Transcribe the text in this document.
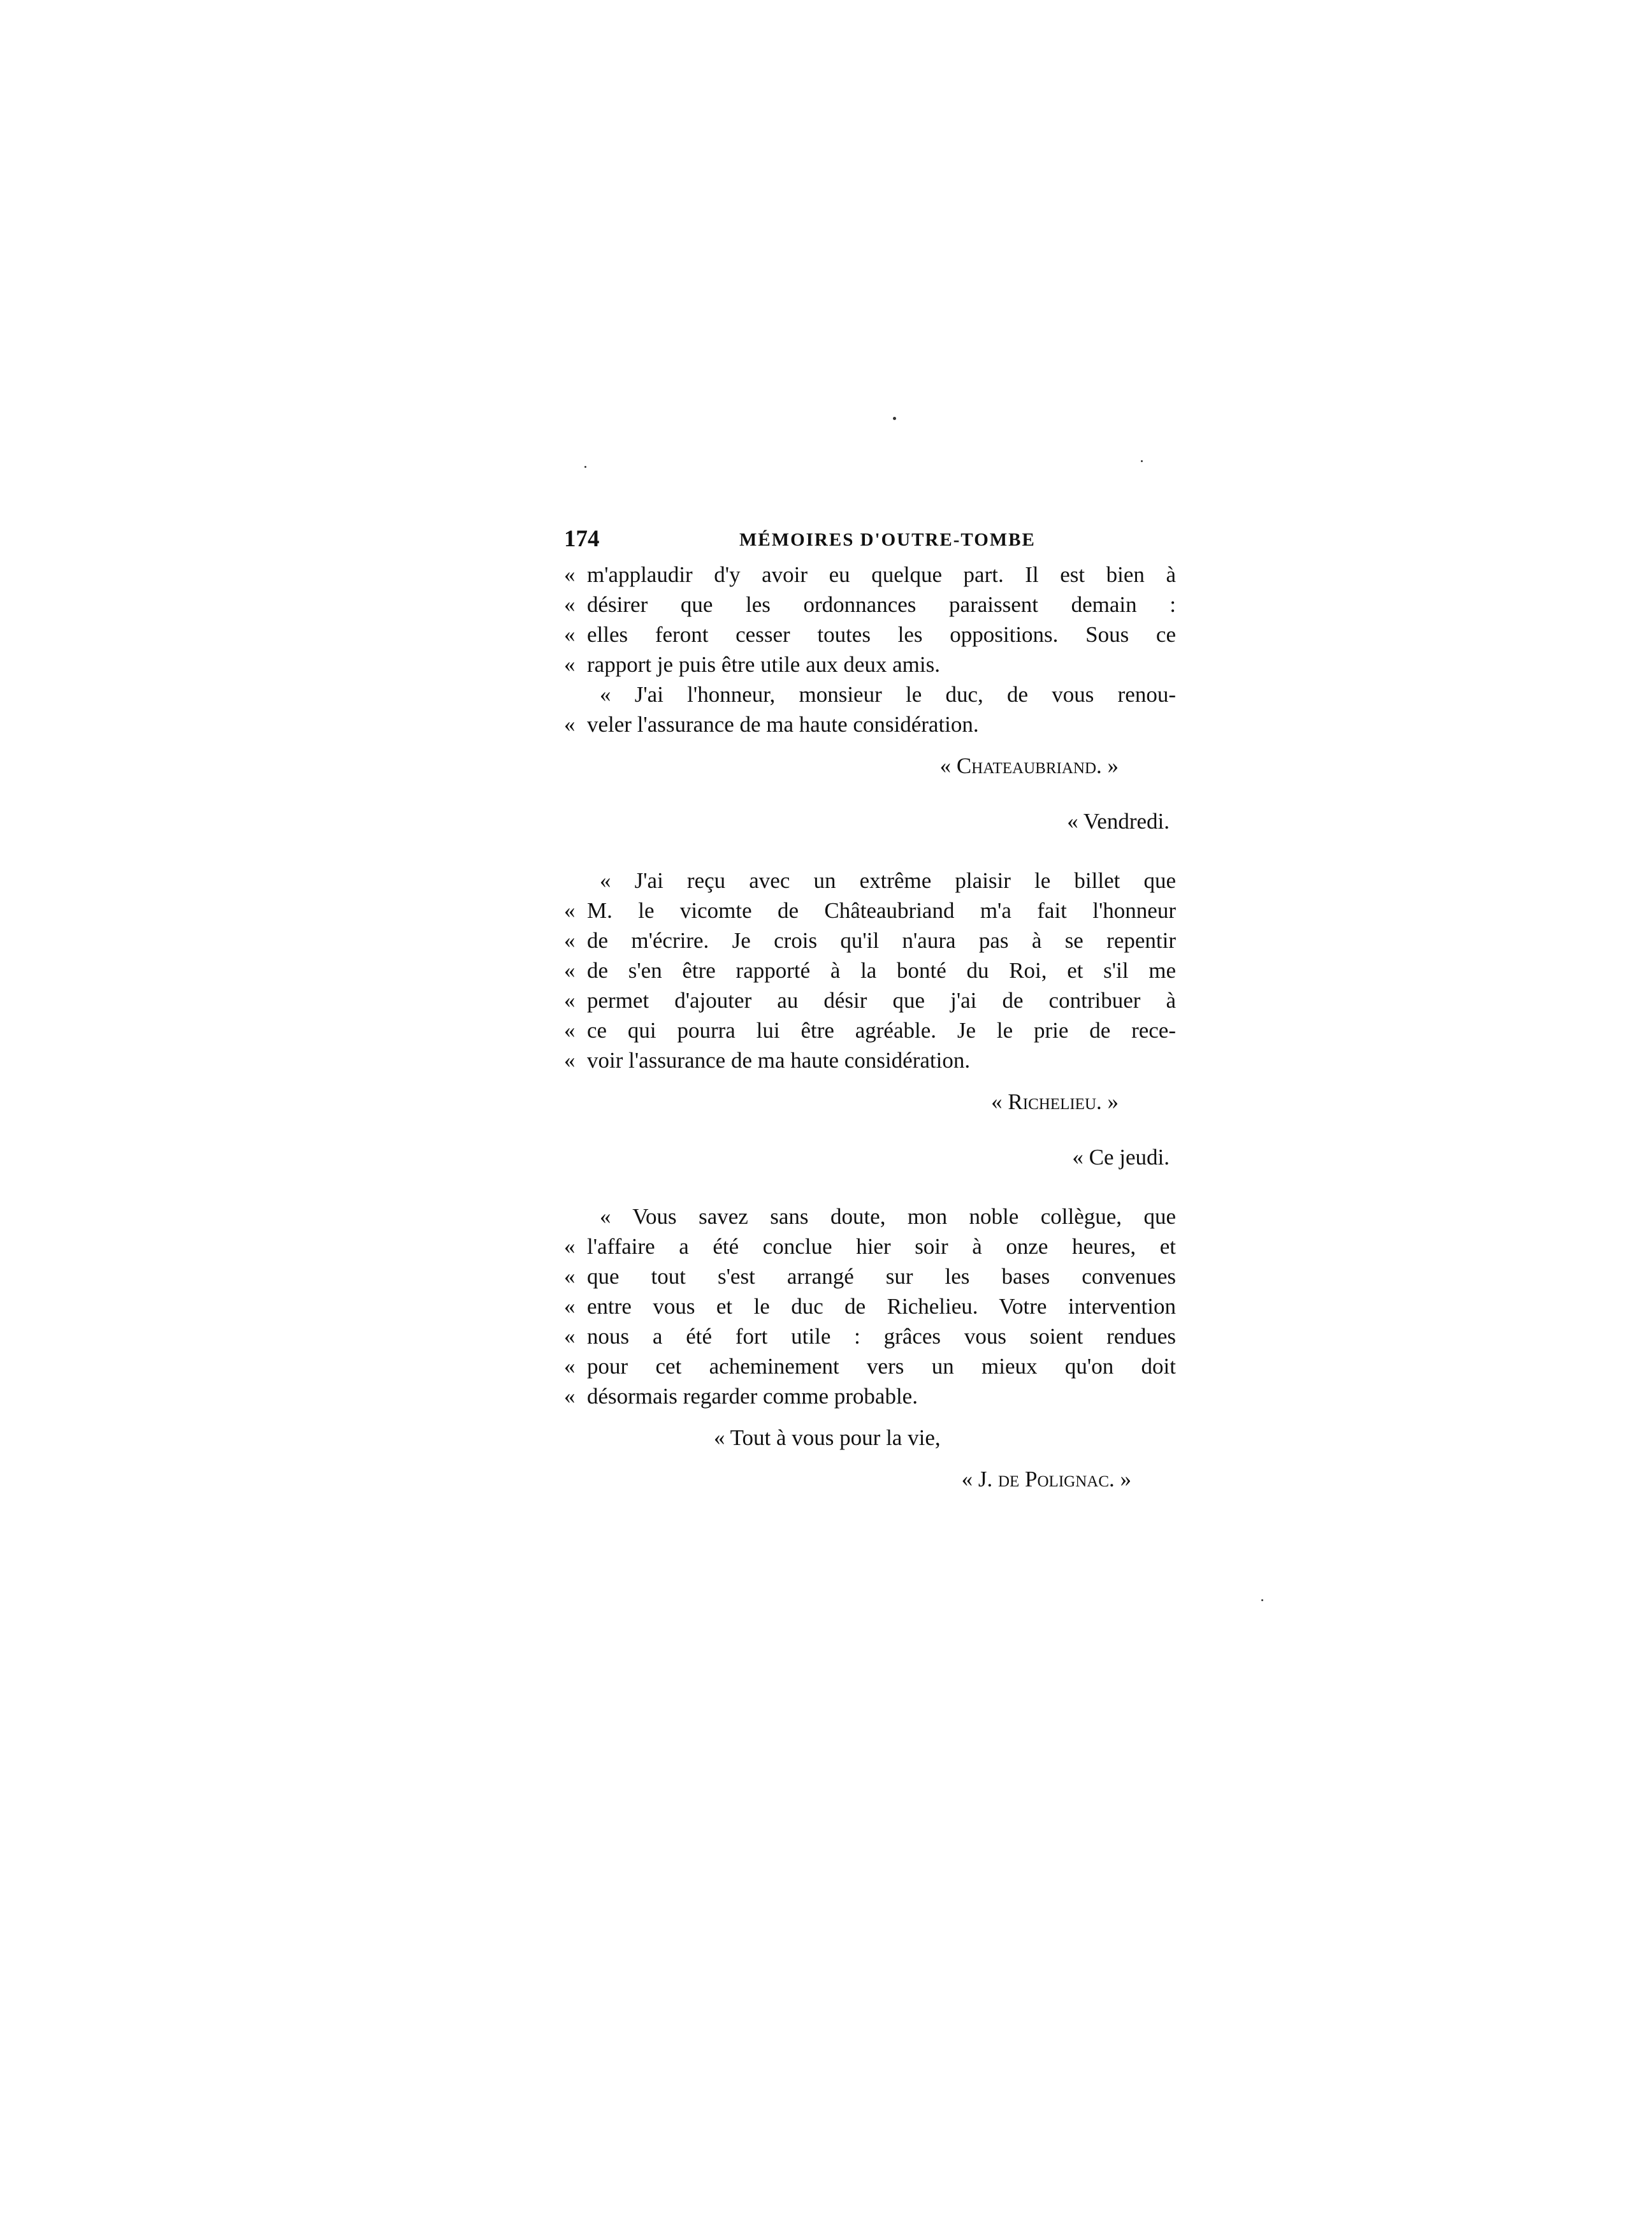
174	MÉMOIRES D'OUTRE-TOMBE
« m'applaudir d'y avoir eu quelque part. Il est bien à
« désirer que les ordonnances paraissent demain :
« elles feront cesser toutes les oppositions. Sous ce
« rapport je puis être utile aux deux amis.
« J'ai l'honneur, monsieur le duc, de vous renou-
« veler l'assurance de ma haute considération.
« Chateaubriand. »
« Vendredi.
« J'ai reçu avec un extrême plaisir le billet que
« M. le vicomte de Châteaubriand m'a fait l'honneur
« de m'écrire. Je crois qu'il n'aura pas à se repentir
« de s'en être rapporté à la bonté du Roi, et s'il me
« permet d'ajouter au désir que j'ai de contribuer à
« ce qui pourra lui être agréable. Je le prie de rece-
« voir l'assurance de ma haute considération.
« Richelieu. »
« Ce jeudi.
« Vous savez sans doute, mon noble collègue, que
« l'affaire a été conclue hier soir à onze heures, et
« que tout s'est arrangé sur les bases convenues
« entre vous et le duc de Richelieu. Votre intervention
« nous a été fort utile : grâces vous soient rendues
« pour cet acheminement vers un mieux qu'on doit
« désormais regarder comme probable.
« Tout à vous pour la vie,
« J. de Polignac. »
